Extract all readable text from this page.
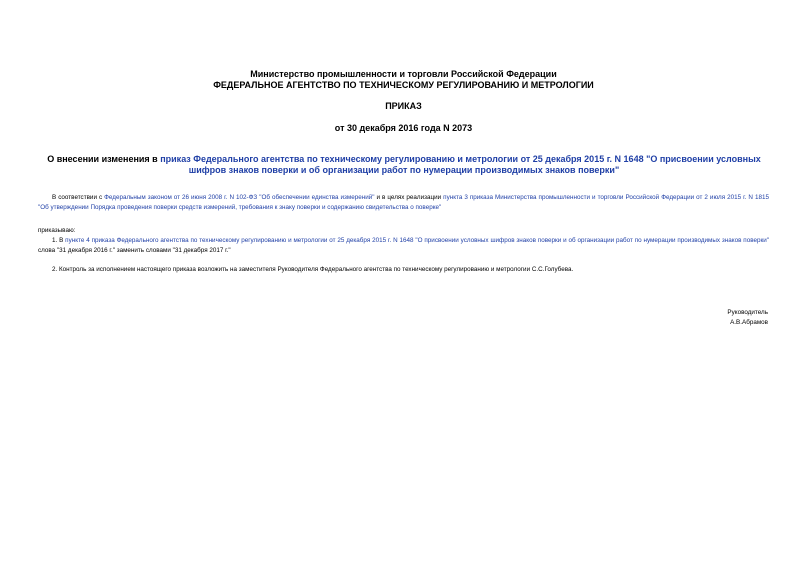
Министерство промышленности и торговли Российской Федерации
ФЕДЕРАЛЬНОЕ АГЕНТСТВО ПО ТЕХНИЧЕСКОМУ РЕГУЛИРОВАНИЮ И МЕТРОЛОГИИ
ПРИКАЗ
от 30 декабря 2016 года N 2073
О внесении изменения в приказ Федерального агентства по техническому регулированию и метрологии от 25 декабря 2015 г. N 1648 "О присвоении условных шифров знаков поверки и об организации работ по нумерации производимых знаков поверки"
В соответствии с Федеральным законом от 26 июня 2008 г. N 102-ФЗ "Об обеспечении единства измерений" и в целях реализации пункта 3 приказа Министерства промышленности и торговли Российской Федерации от 2 июля 2015 г. N 1815 "Об утверждении Порядка проведения поверки средств измерений, требования к знаку поверки и содержанию свидетельства о поверке"
приказываю:
1. В пункте 4 приказа Федерального агентства по техническому регулированию и метрологии от 25 декабря 2015 г. N 1648 "О присвоении условных шифров знаков поверки и об организации работ по нумерации производимых знаков поверки" слова "31 декабря 2016 г." заменить словами "31 декабря 2017 г."
2. Контроль за исполнением настоящего приказа возложить на заместителя Руководителя Федерального агентства по техническому регулированию и метрологии С.С.Голубева.
Руководитель
А.В.Абрамов
